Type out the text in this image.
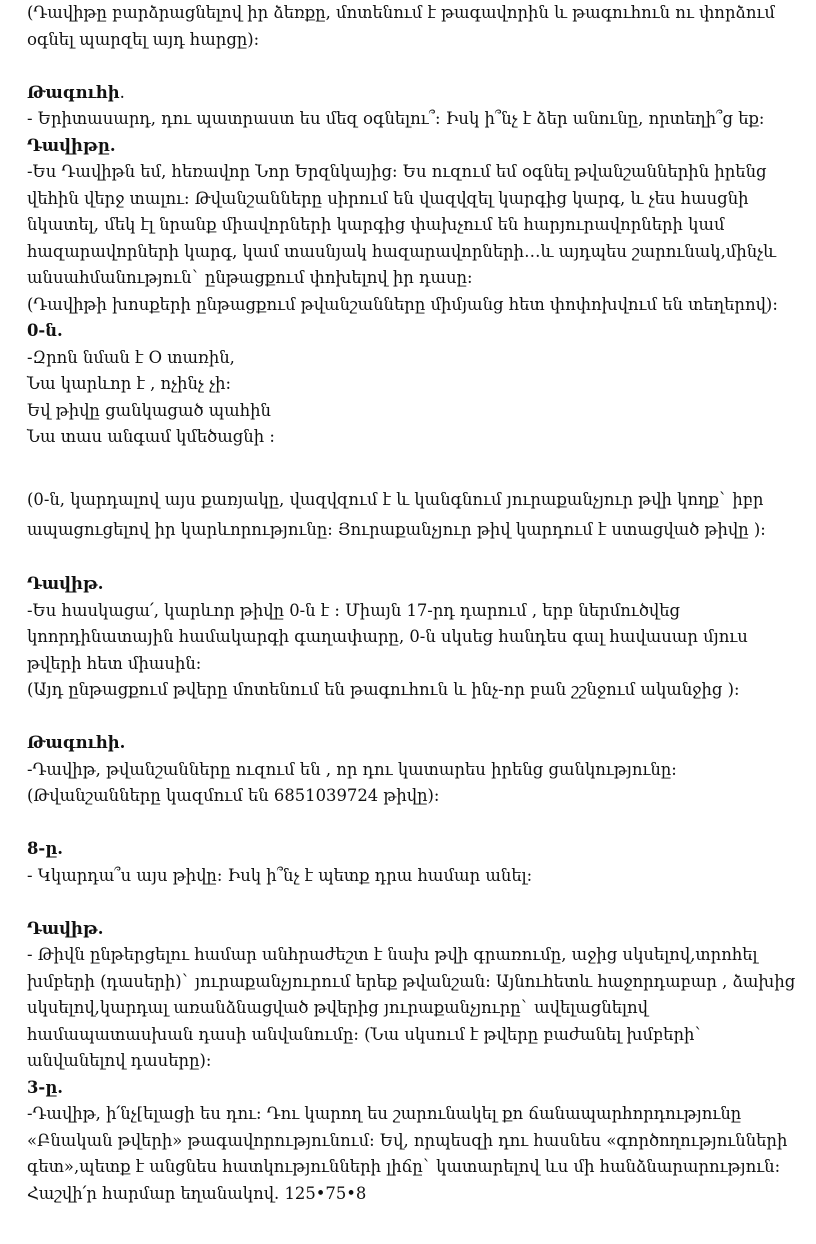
(Դավիթը բարձրացնելով իր ձեռքը, մոտենում է թագավորին և թագուհուն ու փորձում

օգնել պարզել այդ հարցը):

Թագուհի.

- Երիտասարդ, դու պատրաստ ես մեզ օգնելու՞: Իսկ ի՞նչ է ձեր անունը, որտեղի՞ց եք:

Դավիթը.

-Ես Դավիթն եմ, հեռավոր Նոր Երզնկայից: Ես ուզում եմ օգնել թվանշաններին իրենց

վեհին վերջ տալու: Թվանշանները սիրում են վազվզել կարգից կարգ, և չես հասցնի

նկատել, մեկ էլ նրանք միավորների կարգից փախչում են հարյուրավորների կամ

հազարավորների կարգ, կամ տասնյակ հազարավորների…և այդպես շարունակ,մինչև

անսահմանություն` ընթացքում փոխելով իր դասը:

(Դավիթի խոսքերի ընթացքում թվանշանները միմյանց հետ փոփոխվում են տեղերով):

0-ն.

-Զրոն նման է O տառին,

Նա կարևոր է , ոչինչ չի:

Եվ թիվը ցանկացած պահին

Նա տաս անգամ կմեծացնի :

(0-ն, կարդալով այս քառյակը, վազվզում է և կանգնում յուրաքանչյուր թվի կողք` իբր

ապացուցելով իր կարևորությունը: Յուրաքանչյուր թիվ կարդում է ստացված թիվը ):

Դավիթ.

-Ես հասկացա՛, կարևոր թիվը 0-ն է : Միայն 17-րդ դարում , երբ ներմուծվեց

կոորդինատային համակարգի գաղափարը, 0-ն սկսեց հանդես գալ հավասար մյուս

թվերի հետ միասին:

(Այդ ընթացքում թվերը մոտենում են թագուհուն և ինչ-որ բան շշնջում ականջից ):

Թագուհի.

-Դավիթ, թվանշանները ուզում են , որ դու կատարես իրենց ցանկությունը:

(Թվանշանները կազմում են 6851039724 թիվը):

8-ը.

- Կկարդա՞ս այս թիվը: Իսկ ի՞նչ է պետք դրա համար անել:

Դավիթ.

- Թիվն ընթերցելու համար անհրաժեշտ է նախ թվի գրառումը, աջից սկսելով,տրոհել

խմբերի (դասերի)` յուրաքանչյուրում երեք թվանշան: Այնուհետև հաջորդաբար , ձախից

սկսելով,կարդալ առանձնացված թվերից յուրաքանչյուրը` ավելացնելով

համապատասխան դասի անվանումը: (Նա սկսում է թվերը բաժանել խմբերի`

անվանելով դասերը):

3-ը.

-Դավիթ, ի՛նչ[ելացի ես դու: Դու կարող ես շարունակել քո ճանապարհորդությունը

«Բնական թվերի» թագավորությունում: Եվ, որպեսզի դու հասնես «գործողությունների

գետ»,պետք է անցնես հատկությունների լիճը` կատարելով ևս մի հանձնարարություն:

Հաշվի՛ր հարմար եղանակով. 125•75•8
